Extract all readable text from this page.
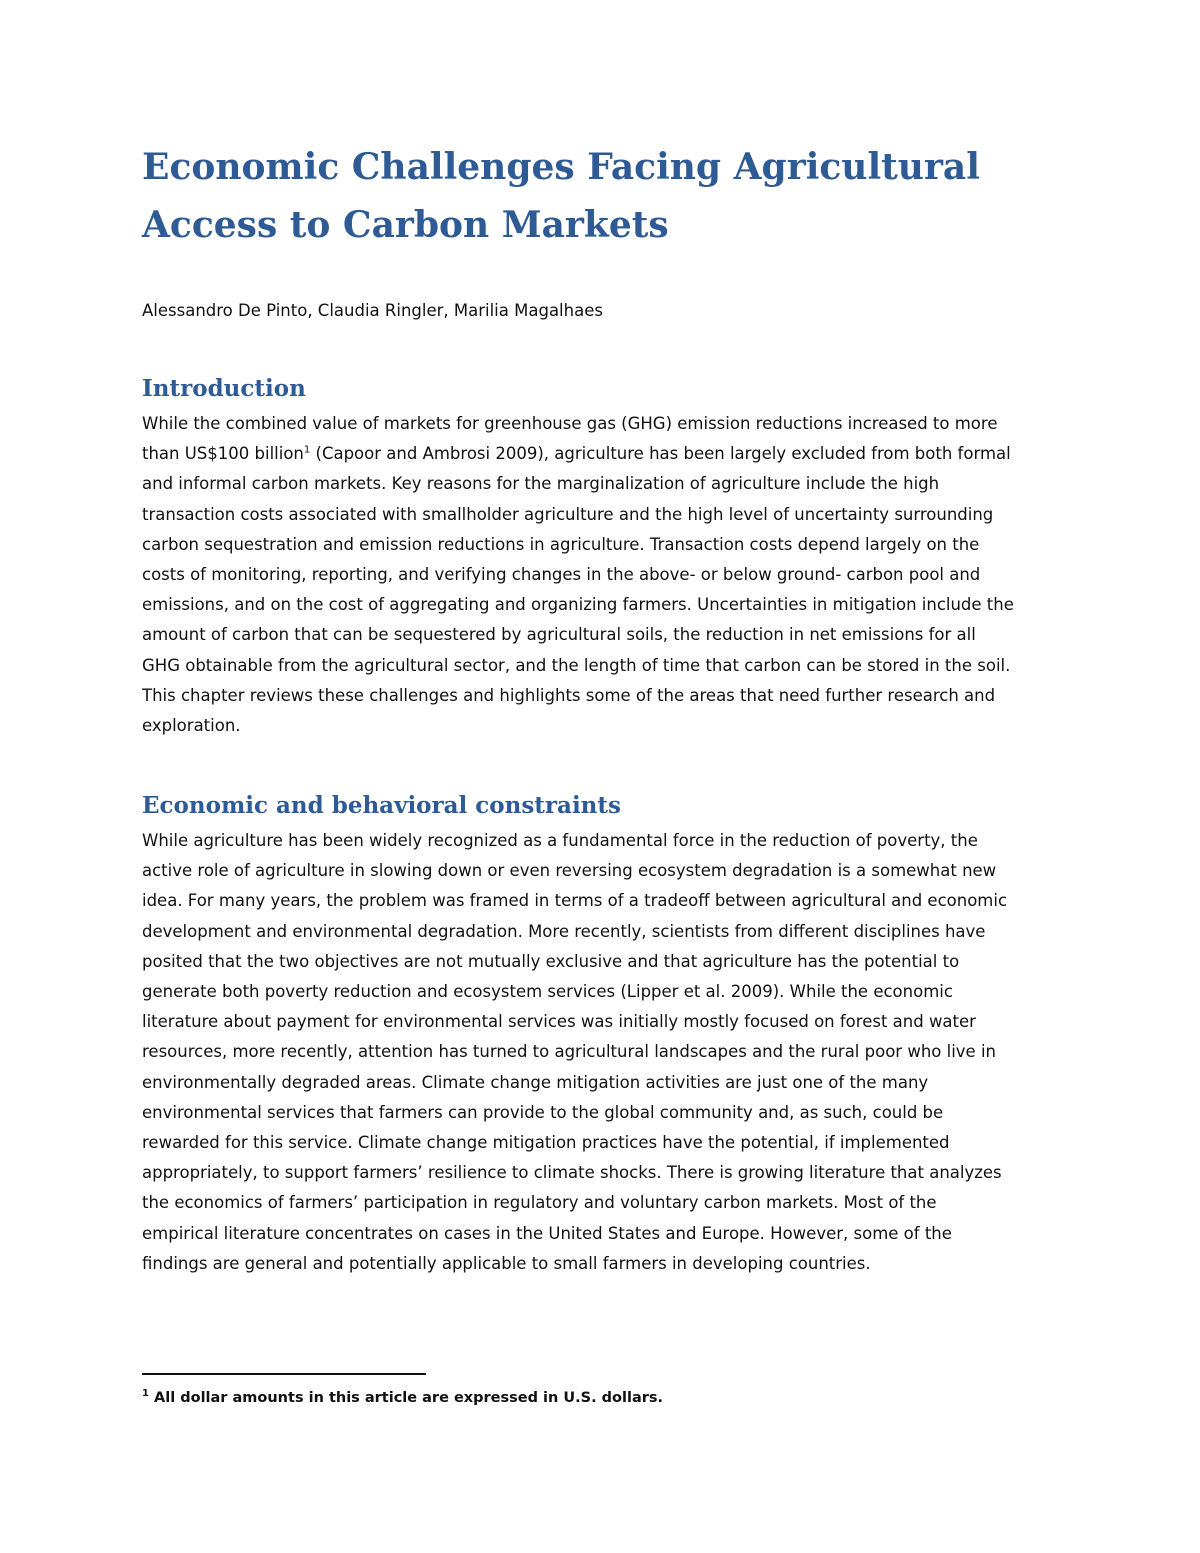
Economic Challenges Facing Agricultural Access to Carbon Markets

Alessandro De Pinto, Claudia Ringler, Marilia Magalhaes

Introduction
While the combined value of markets for greenhouse gas (GHG) emission reductions increased to more
than US$100 billion$^1$ (Capoor and Ambrosi 2009), agriculture has been largely excluded from both formal
and informal carbon markets. Key reasons for the marginalization of agriculture include the high
transaction costs associated with smallholder agriculture and the high level of uncertainty surrounding
carbon sequestration and emission reductions in agriculture. Transaction costs depend largely on the
costs of monitoring, reporting, and verifying changes in the above- or below ground- carbon pool and
emissions, and on the cost of aggregating and organizing farmers. Uncertainties in mitigation include the
amount of carbon that can be sequestered by agricultural soils, the reduction in net emissions for all
GHG obtainable from the agricultural sector, and the length of time that carbon can be stored in the soil.
This chapter reviews these challenges and highlights some of the areas that need further research and
exploration.
Economic and behavioral constraints
While agriculture has been widely recognized as a fundamental force in the reduction of poverty, the
active role of agriculture in slowing down or even reversing ecosystem degradation is a somewhat new
idea. For many years, the problem was framed in terms of a tradeoff between agricultural and economic
development and environmental degradation. More recently, scientists from different disciplines have
posited that the two objectives are not mutually exclusive and that agriculture has the potential to
generate both poverty reduction and ecosystem services (Lipper et al. 2009). While the economic
literature about payment for environmental services was initially mostly focused on forest and water
resources, more recently, attention has turned to agricultural landscapes and the rural poor who live in
environmentally degraded areas. Climate change mitigation activities are just one of the many
environmental services that farmers can provide to the global community and, as such, could be
rewarded for this service. Climate change mitigation practices have the potential, if implemented
appropriately, to support farmers’ resilience to climate shocks. There is growing literature that analyzes
the economics of farmers’ participation in regulatory and voluntary carbon markets. Most of the
empirical literature concentrates on cases in the United States and Europe. However, some of the
findings are general and potentially applicable to small farmers in developing countries.

$^1$ All dollar amounts in this article are expressed in U.S. dollars.
